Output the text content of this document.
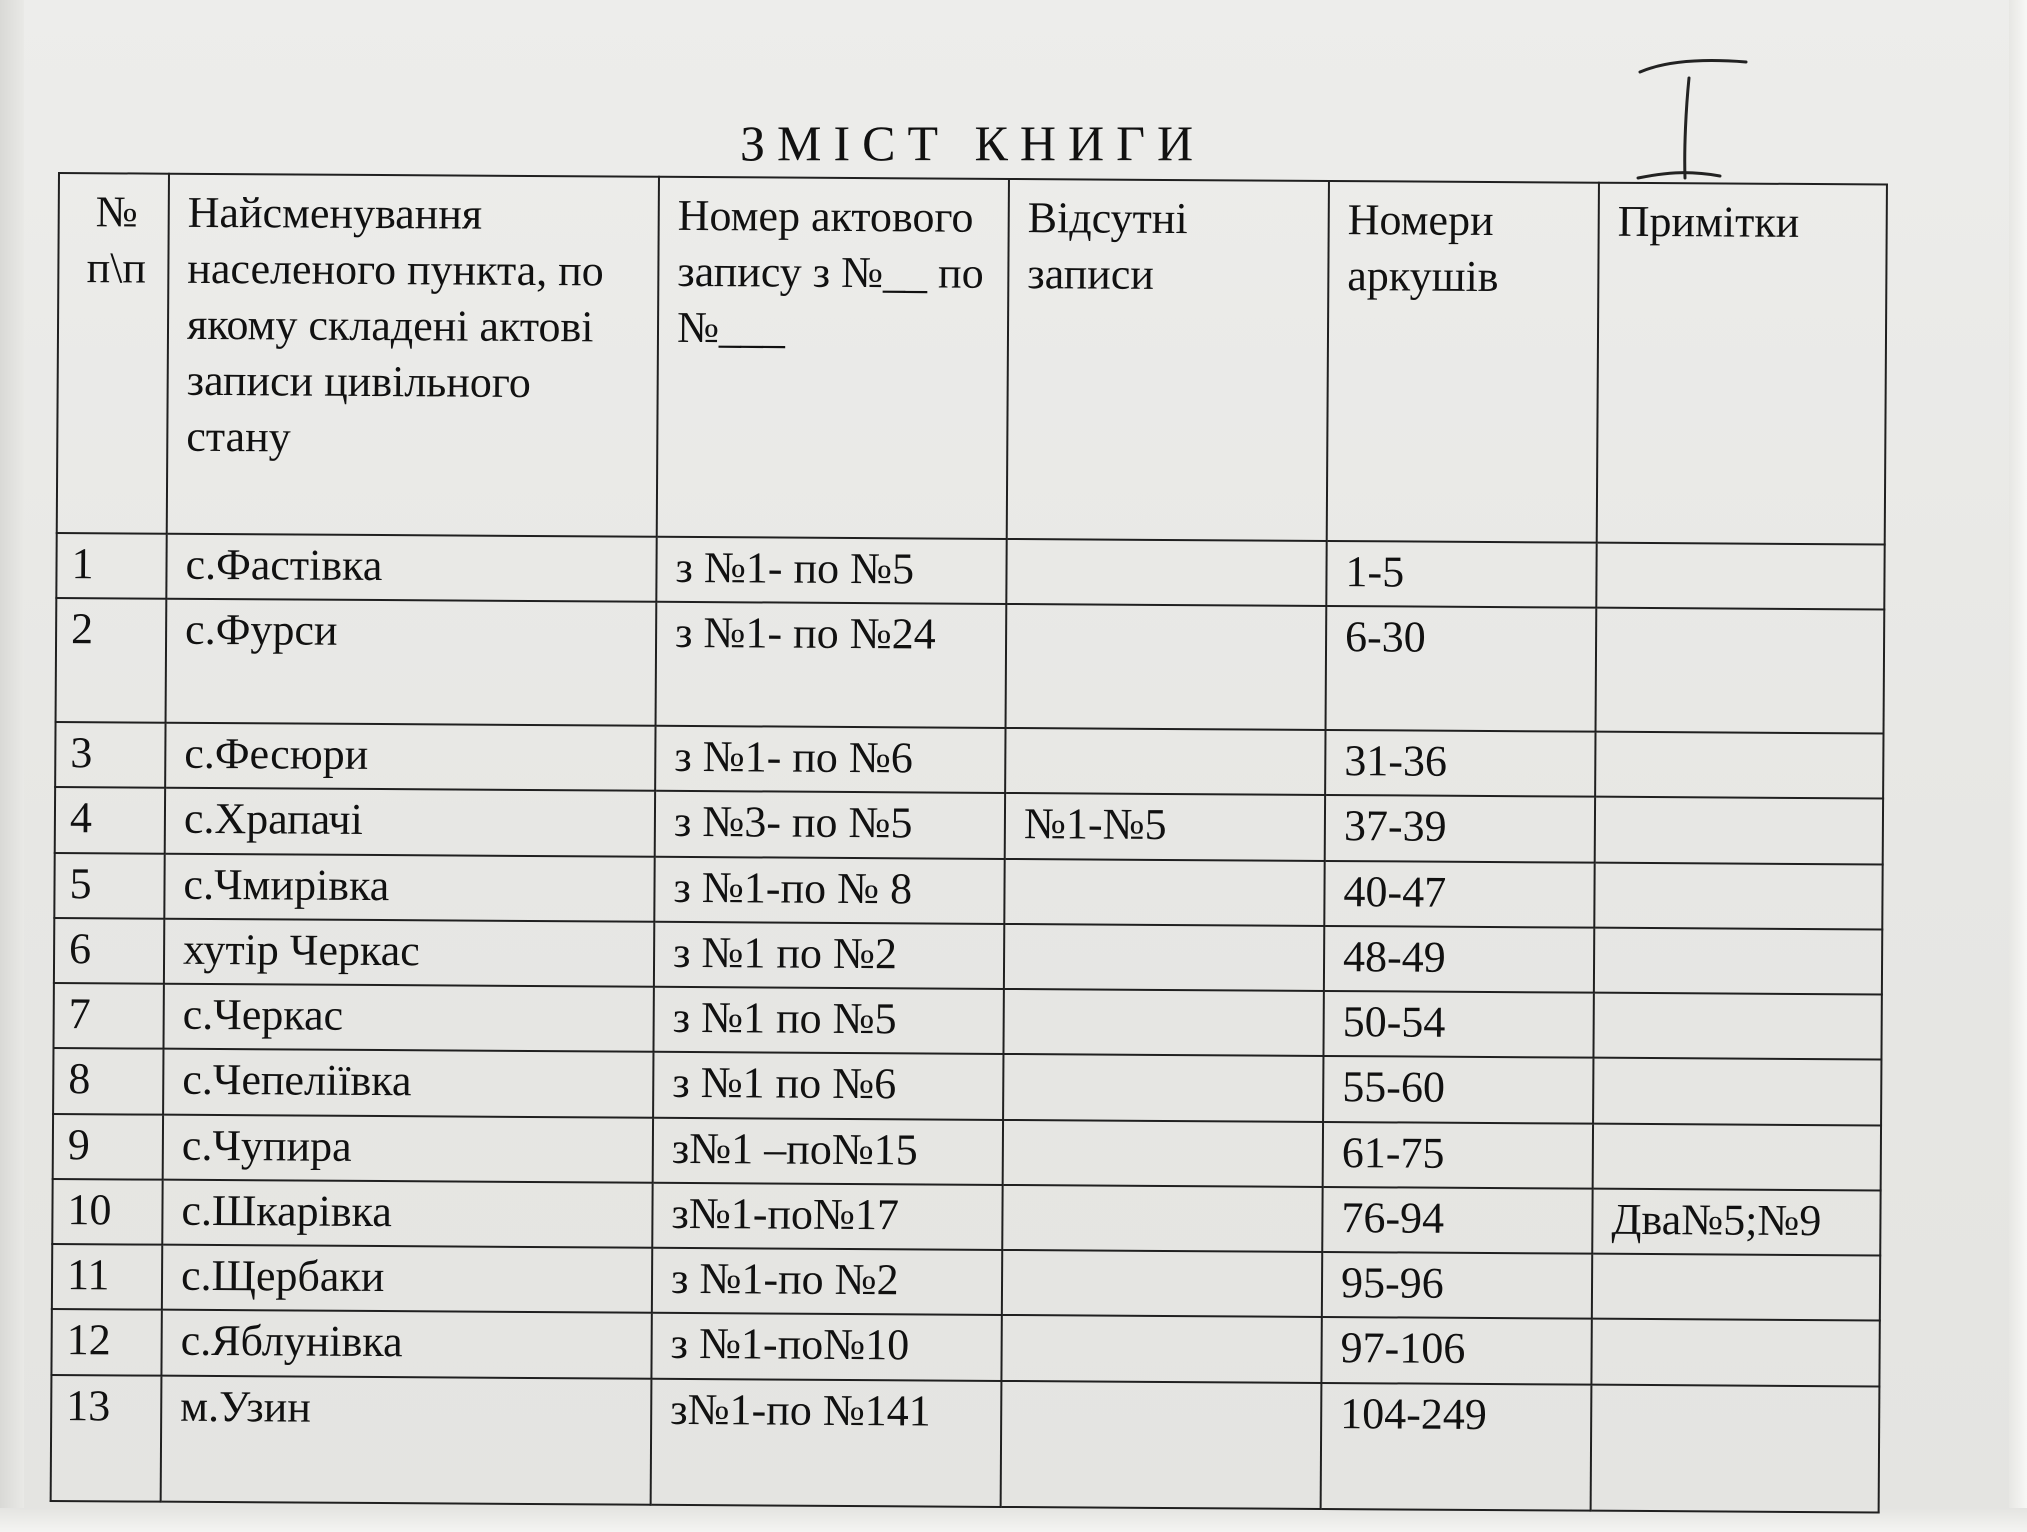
ЗМІСТ КНИГИ
№ п\п	Найсменування населеного пункта, по якому складені актові записи цивільного стану	Номер актового запису з №__ по №___	Відсутні записи	Номери аркушів	Примітки
1	с.Фастівка	з №1- по №5		1-5	
2	с.Фурси	з №1- по №24		6-30	
3	с.Фесюри	з №1- по №6		31-36	
4	с.Храпачі	з №3- по №5	№1-№5	37-39	
5	с.Чмирівка	з №1-по № 8		40-47	
6	хутір Черкас	з №1 по №2		48-49	
7	с.Черкас	з №1 по №5		50-54	
8	с.Чепеліївка	з №1 по №6		55-60	
9	с.Чупира	з№1 –по№15		61-75	
10	с.Шкарівка	з№1-по№17		76-94	Два№5;№9
11	с.Щербаки	з №1-по №2		95-96	
12	с.Яблунівка	з №1-по№10		97-106	
13	м.Узин	з№1-по №141		104-249	
